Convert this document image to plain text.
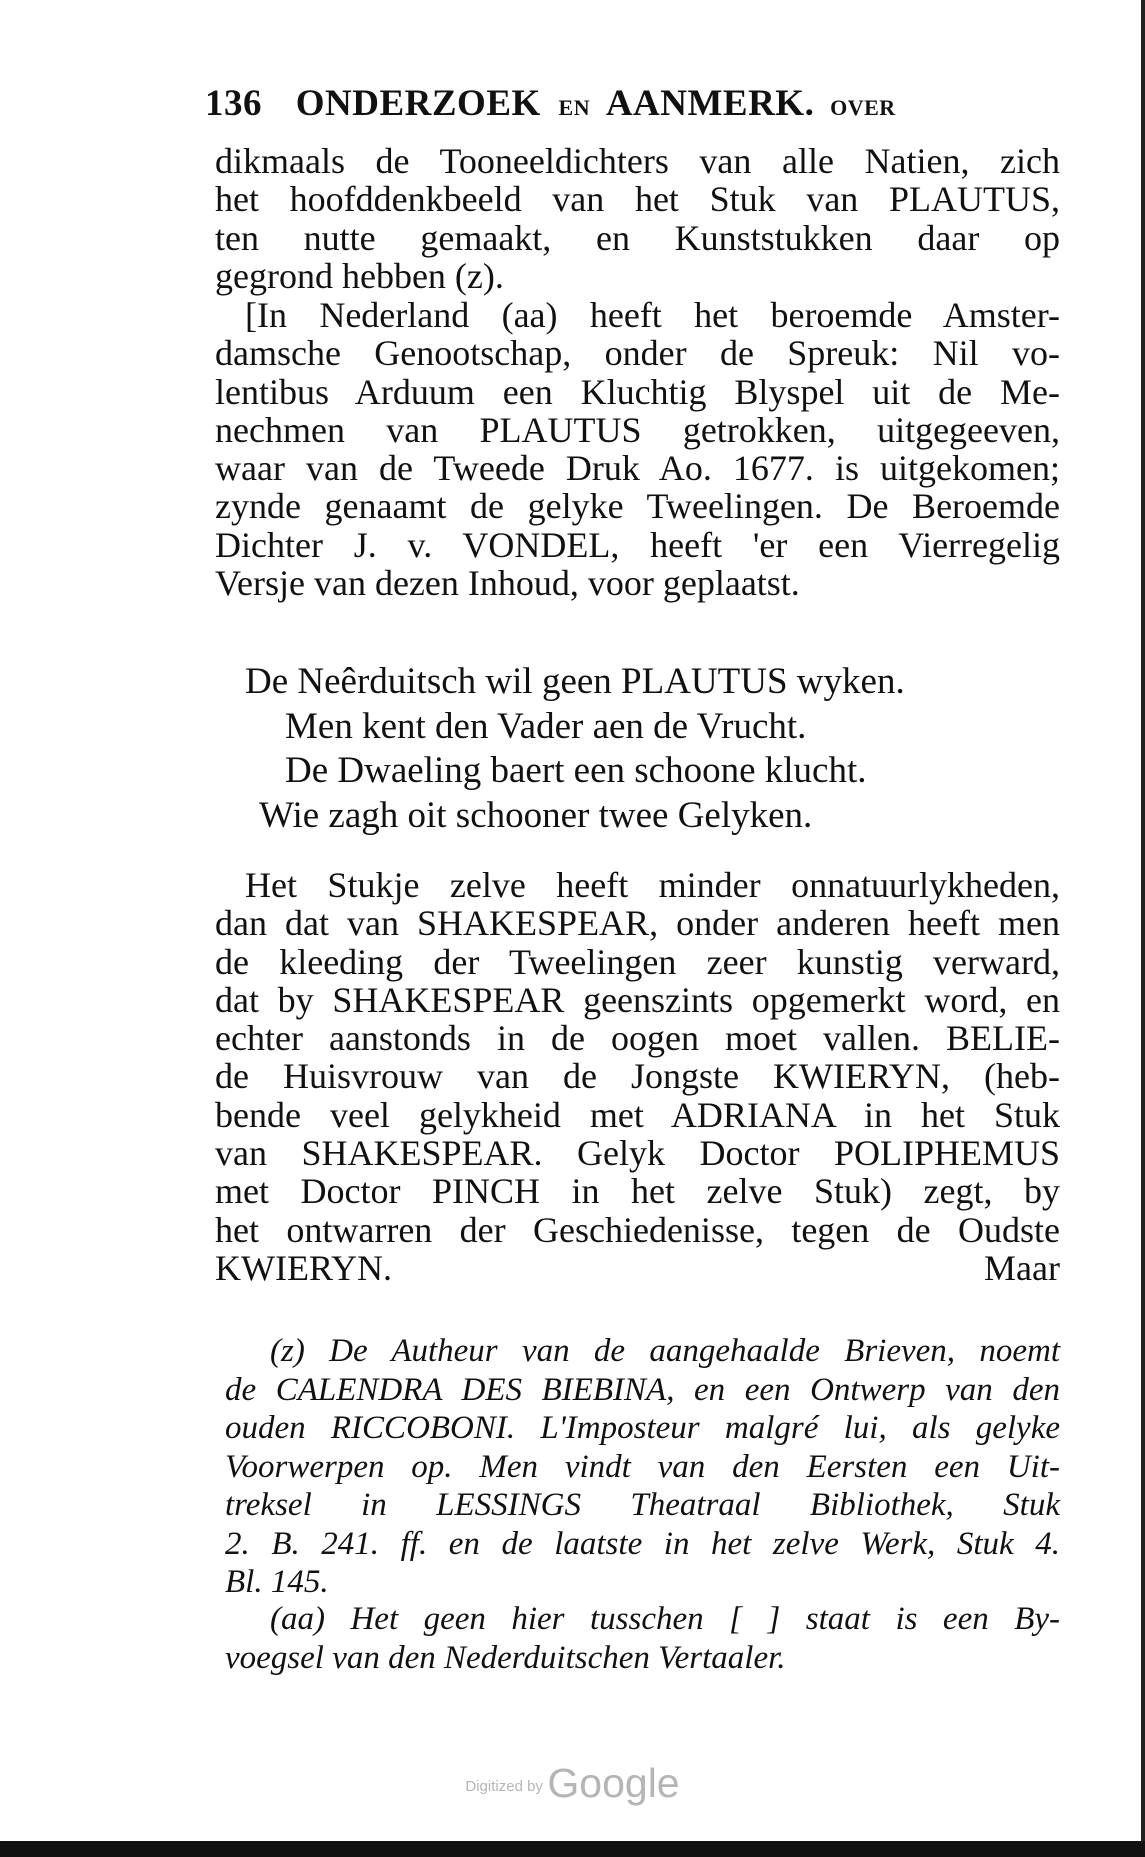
136 ONDERZOEK EN AANMERK. OVER
dikmaals de Tooneeldichters van alle Natien, zich
het hoofddenkbeeld van het Stuk van PLAUTUS,
ten nutte gemaakt, en Kunststukken daar op
gegrond hebben (z).
[In Nederland (aa) heeft het beroemde Amster-
damsche Genootschap, onder de Spreuk: Nil vo-
lentibus Arduum een Kluchtig Blyspel uit de Me-
nechmen van PLAUTUS getrokken, uitgegeeven,
waar van de Tweede Druk Ao. 1677. is uitgekomen;
zynde genaamt de gelyke Tweelingen. De Beroemde
Dichter J. v. VONDEL, heeft 'er een Vierregelig
Versje van dezen Inhoud, voor geplaatst.
De Neêrduitsch wil geen PLAUTUS wyken.
Men kent den Vader aen de Vrucht.
De Dwaeling baert een schoone klucht.
Wie zagh oit schooner twee Gelyken.
Het Stukje zelve heeft minder onnatuurlykheden,
dan dat van SHAKESPEAR, onder anderen heeft men
de kleeding der Tweelingen zeer kunstig verward,
dat by SHAKESPEAR geenszints opgemerkt word, en
echter aanstonds in de oogen moet vallen. BELIE-
de Huisvrouw van de Jongste KWIERYN, (heb-
bende veel gelykheid met ADRIANA in het Stuk
van SHAKESPEAR. Gelyk Doctor POLIPHEMUS
met Doctor PINCH in het zelve Stuk) zegt, by
het ontwarren der Geschiedenisse, tegen de Oudste
KWIERYN.	Maar
(z) De Autheur van de aangehaalde Brieven, noemt
de CALENDRA DES BIEBINA, en een Ontwerp van den
ouden RICCOBONI. L'Imposteur malgré lui, als gelyke
Voorwerpen op. Men vindt van den Eersten een Uit-
treksel in LESSINGS Theatraal Bibliothek, Stuk
2. B. 241. ff. en de laatste in het zelve Werk, Stuk 4.
Bl. 145.
(aa) Het geen hier tusschen [ ] staat is een By-
voegsel van den Nederduitschen Vertaaler.
Digitized by Google
